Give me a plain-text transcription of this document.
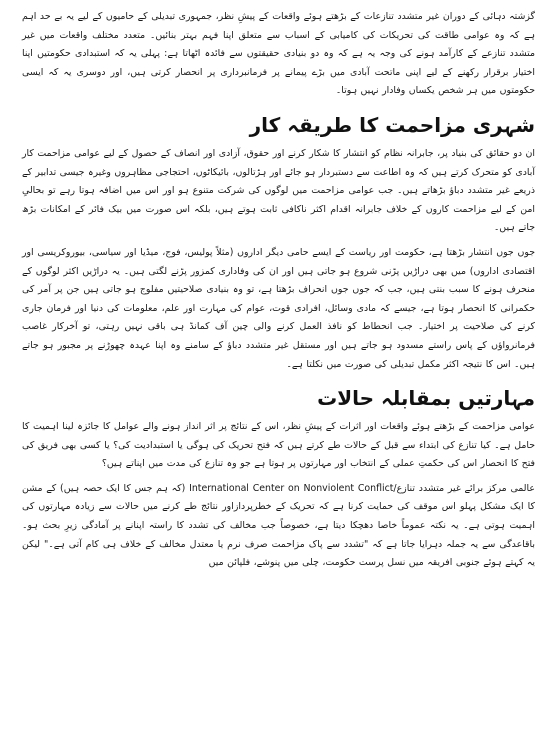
گزشتہ دہائی کے دوران غیر متشدد تنازعات کے بڑھتے ہوئے واقعات کے پیشِ نظر، جمہوری تبدیلی کے حامیوں کے لیے یہ بے حد اہم ہے کہ وہ عوامی طاقت کی تحریکات کی کامیابی کے اسباب سے متعلق اپنا فہم بہتر بنائیں۔ متعدد مختلف واقعات میں غیر متشدد تنازعے کے کارآمد ہونے کی وجہ یہ ہے کہ وہ دو بنیادی حقیقتوں سے فائدہ اٹھاتا ہے: پہلی یہ کہ استبدادی حکومتیں اپنا اختیار برقرار رکھنے کے لیے اپنی ماتحت آبادی میں بڑے پیمانے پر فرمانبرداری پر انحصار کرتی ہیں، اور دوسری یہ کہ ایسی حکومتوں میں ہر شخص یکساں وفادار نہیں ہوتا۔

شہری مزاحمت کا طریقہ کار

ان دو حقائق کی بنیاد پر، جابرانہ نظام کو انتشار کا شکار کرنے اور حقوق، آزادی اور انصاف کے حصول کے لیے عوامی مزاحمت کار آبادی کو متحرک کرتے ہیں کہ وہ اطاعت سے دستبردار ہو جائے اور ہڑتالوں، بائیکاٹوں، احتجاجی مظاہروں وغیرہ جیسی تدابیر کے ذریعے غیر متشدد دباؤ بڑھاتے ہیں۔ جب عوامی مزاحمت میں لوگوں کی شرکت متنوع ہو اور اس میں اضافہ ہوتا رہے تو بحالیِ امن کے لیے مزاحمت کاروں کے خلاف جابرانہ اقدام اکثر ناکافی ثابت ہوتے ہیں، بلکہ اس صورت میں بیک فائر کے امکانات بڑھ جاتے ہیں۔

جوں جوں انتشار بڑھتا ہے، حکومت اور ریاست کے ایسے حامی دیگر اداروں (مثلاً پولیس، فوج، میڈیا اور سیاسی، بیوروکریسی اور اقتصادی اداروں) میں بھی دراڑیں پڑنی شروع ہو جاتی ہیں اور ان کی وفاداری کمزور پڑنے لگتی ہیں۔ یہ دراڑیں اکثر لوگوں کے منحرف ہونے کا سبب بنتی ہیں، جب کہ جوں جوں انحراف بڑھتا ہے، تو وہ بنیادی صلاحیتیں مفلوج ہو جاتی ہیں جن پر آمر کی حکمرانی کا انحصار ہوتا ہے، جیسے کہ مادی وسائل، افرادی قوت، عوام کی مہارت اور علم، معلومات کی دنیا اور فرمان جاری کرنے کی صلاحیت پر اختیار۔ جب انحطاط کو نافذ العمل کرنے والی چین آف کمانڈ ہی باقی نہیں رہتی، تو آخرکار غاصب فرمانرواؤں کے پاس راستے مسدود ہو جاتے ہیں اور مستقل غیر متشدد دباؤ کے سامنے وہ اپنا عہدہ چھوڑنے پر مجبور ہو جاتے ہیں۔ اس کا نتیجہ اکثر مکمل تبدیلی کی صورت میں نکلتا ہے۔

مہارتیں بمقابلہ حالات

عوامی مزاحمت کے بڑھتے ہوئے واقعات اور اثرات کے پیشِ نظر، اس کے نتائج پر اثر انداز ہونے والے عوامل کا جائزہ لینا اہمیت کا حامل ہے۔ کیا تنازع کی ابتداء سے قبل کے حالات طے کرتے ہیں کہ فتح تحریک کی ہوگی یا استبدادیت کی؟ یا کسی بھی فریق کی فتح کا انحصار اس کی حکمتِ عملی کے انتخاب اور مہارتوں پر ہوتا ہے جو وہ تنازع کی مدت میں اپناتے ہیں؟

عالمی مرکز برائے غیر متشدد تنازع/International Center on Nonviolent Conflict (کہ ہم جس کا ایک حصہ ہیں) کے مشن کا ایک مشکل پہلو اس موقف کی حمایت کرنا ہے کہ تحریک کے خطرپردازاور نتائج طے کرنے میں حالات سے زیادہ مہارتوں کی اہمیت ہوتی ہے۔ یہ نکتہ عموماً خاصا دھچکا دیتا ہے، خصوصاً جب مخالف کی تشدد کا راستہ اپنانے پر آمادگی زیرِ بحث ہو۔ باقاعدگی سے یہ جملہ دہرایا جاتا ہے کہ "تشدد سے پاک مزاحمت صرف نرم یا معتدل مخالف کے خلاف ہی کام آتی ہے۔" لیکن یہ کہتے ہوئے جنوبی افریقہ میں نسل پرست حکومت، چلی میں پنوشے، فلپائن میں
